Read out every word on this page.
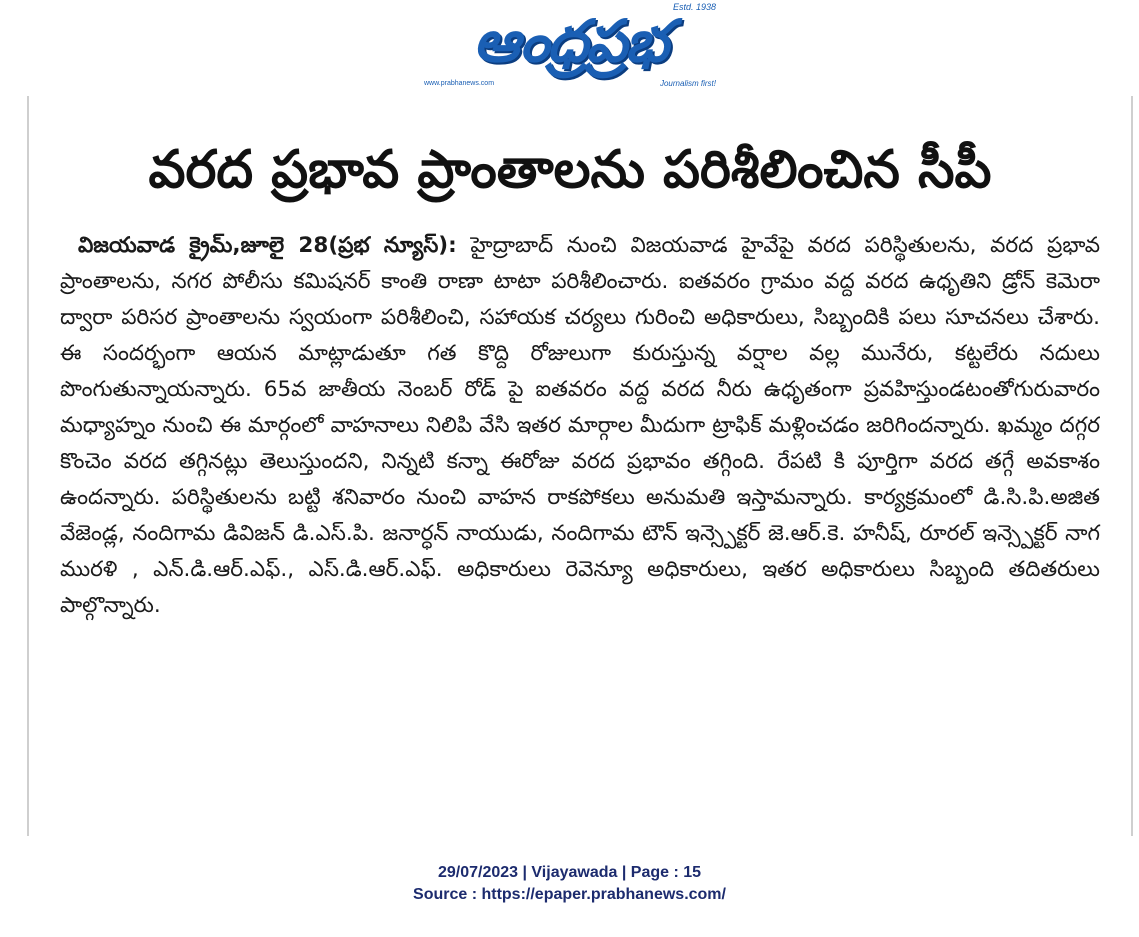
Estd. 1938
ఆంధ్రప్రభ
www.prabhanews.com	Journalism first!
వరద ప్రభావ ప్రాంతాలను పరిశీలించిన సీపీ
విజయవాడ క్రైమ్,జూలై 28(ప్రభ న్యూస్): హైద్రాబాద్ నుంచి విజయవాడ హైవేపై వరద పరిస్థితులను, వరద ప్రభావ ప్రాంతాలను, నగర పోలీసు కమిషనర్ కాంతి రాణా టాటా పరిశీలించారు. ఐతవరం గ్రామం వద్ద వరద ఉధృతిని డ్రోన్ కెమెరా ద్వారా పరిసర ప్రాంతాలను స్వయంగా పరిశీలించి, సహాయక చర్యలు గురించి అధికారులు, సిబ్బందికి పలు సూచనలు చేశారు. ఈ సందర్భంగా ఆయన మాట్లాడుతూ గత కొద్ది రోజులుగా కురుస్తున్న వర్షాల వల్ల మునేరు, కట్టలేరు నదులు పొంగుతున్నాయన్నారు. 65వ జాతీయ నెంబర్ రోడ్ పై ఐతవరం వద్ద వరద నీరు ఉధృతంగా ప్రవహిస్తుండటంతోగురువారం మధ్యాహ్నం నుంచి ఈ మార్గంలో వాహనాలు నిలిపి వేసి ఇతర మార్గాల మీదుగా ట్రాఫిక్ మళ్లించడం జరిగిందన్నారు. ఖమ్మం దగ్గర కొంచెం వరద తగ్గినట్లు తెలుస్తుందని, నిన్నటి కన్నా ఈరోజు వరద ప్రభావం తగ్గింది. రేపటి కి పూర్తిగా వరద తగ్గే అవకాశం ఉందన్నారు. పరిస్థితులను బట్టి శనివారం నుంచి వాహన రాకపోకలు అనుమతి ఇస్తామన్నారు. కార్యక్రమంలో డి.సి.పి.అజిత వేజెండ్ల, నందిగామ డివిజన్ డి.ఎస్.పి. జనార్ధన్ నాయుడు, నందిగామ టౌన్ ఇన్స్పెక్టర్ జె.ఆర్.కె. హనీష్, రూరల్ ఇన్స్పెక్టర్ నాగ మురళి , ఎన్.డి.ఆర్.ఎఫ్., ఎస్.డి.ఆర్.ఎఫ్. అధికారులు రెవెన్యూ అధికారులు, ఇతర అధికారులు సిబ్బంది తదితరులు పాల్గొన్నారు.
29/07/2023 | Vijayawada | Page : 15
Source : https://epaper.prabhanews.com/
